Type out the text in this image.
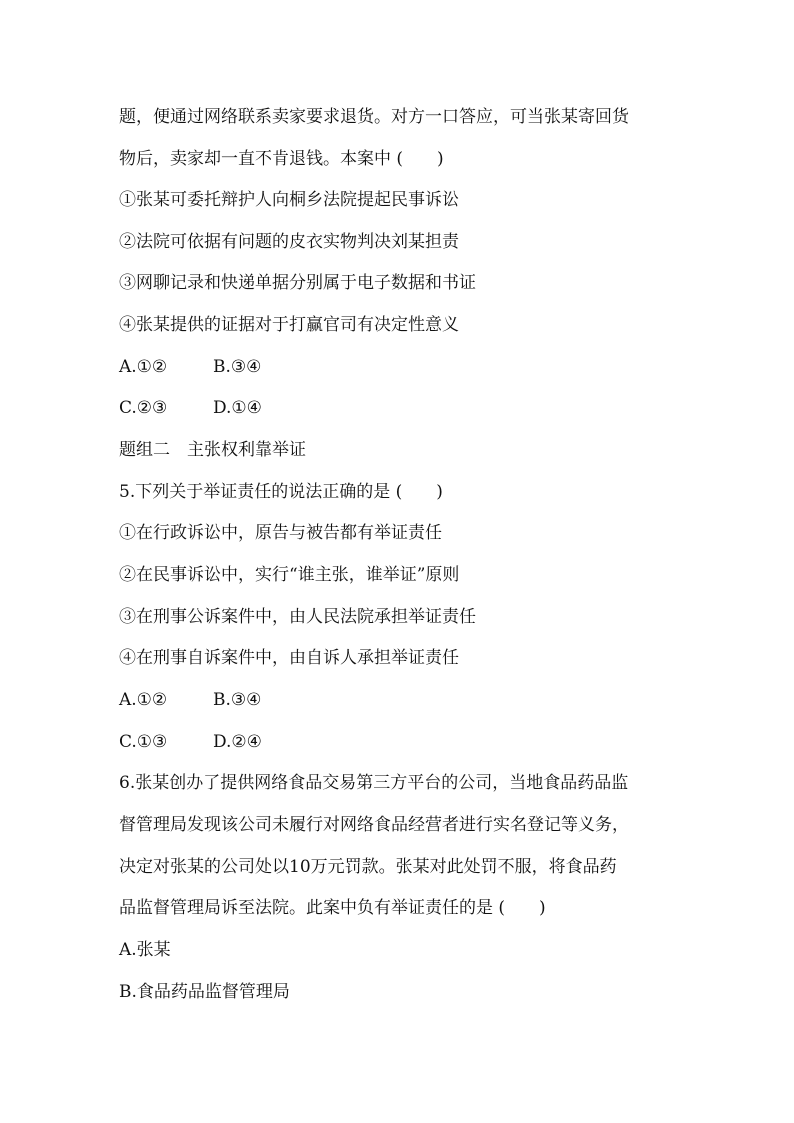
题，便通过网络联系卖家要求退货。对方一口答应，可当张某寄回货
物后，卖家却一直不肯退钱。本案中 (　　)
①张某可委托辩护人向桐乡法院提起民事诉讼
②法院可依据有问题的皮衣实物判决刘某担责
③网聊记录和快递单据分别属于电子数据和书证
④张某提供的证据对于打赢官司有决定性意义
A.①②	B.③④
C.②③	D.①④
题组二　主张权利靠举证
5.下列关于举证责任的说法正确的是 (　　)
①在行政诉讼中，原告与被告都有举证责任
②在民事诉讼中，实行“谁主张，谁举证”原则
③在刑事公诉案件中，由人民法院承担举证责任
④在刑事自诉案件中，由自诉人承担举证责任
A.①②	B.③④
C.①③	D.②④
6.张某创办了提供网络食品交易第三方平台的公司，当地食品药品监
督管理局发现该公司未履行对网络食品经营者进行实名登记等义务，
决定对张某的公司处以10万元罚款。张某对此处罚不服，将食品药
品监督管理局诉至法院。此案中负有举证责任的是 (　　)
A.张某
B.食品药品监督管理局
